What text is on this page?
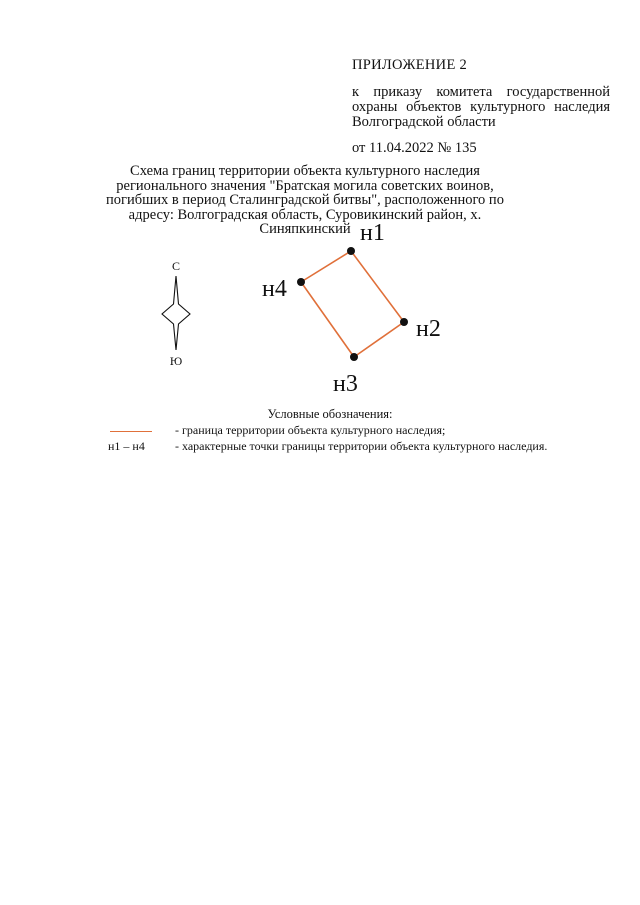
ПРИЛОЖЕНИЕ 2

к приказу комитета государственной охраны объектов культурного наследия Волгоградской области

от 11.04.2022 № 135

Схема границ территории объекта культурного наследия регионального значения "Братская могила советских воинов, погибших в период Сталинградской битвы", расположенного по адресу: Волгоградская область, Суровикинский район, х. Синяпкинский
С
Ю
н1
н2
н3
н4
Условные обозначения:
- граница территории объекта культурного наследия;
н1 – н4	- характерные точки границы территории объекта культурного наследия.
